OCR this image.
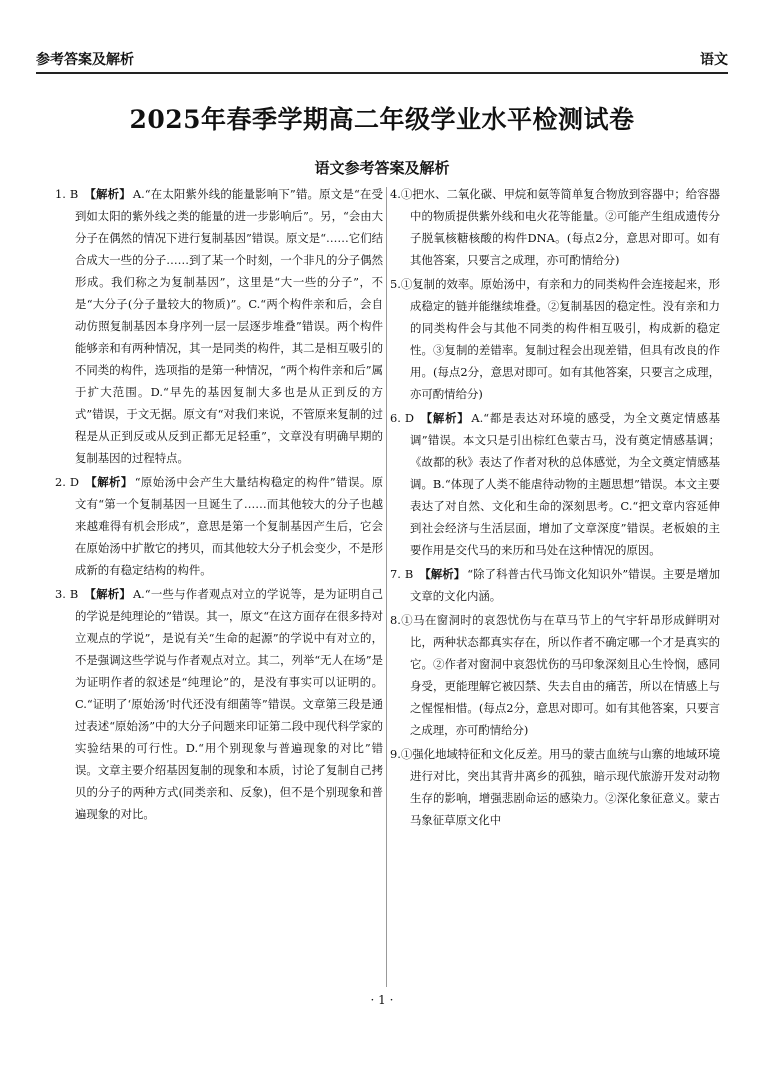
参考答案及解析	语文
2025年春季学期高二年级学业水平检测试卷
语文参考答案及解析

1. B 【解析】 A.“在太阳紫外线的能量影响下”错。原文是“在受到如太阳的紫外线之类的能量的进一步影响后”。另，“会由大分子在偶然的情况下进行复制基因”错误。原文是“……它们结合成大一些的分子……到了某一个时刻，一个非凡的分子偶然形成。我们称之为复制基因”，这里是“大一些的分子”，不是“大分子(分子量较大的物质)”。C.“两个构件亲和后，会自动仿照复制基因本身序列一层一层逐步堆叠”错误。两个构件能够亲和有两种情况，其一是同类的构件，其二是相互吸引的不同类的构件，选项指的是第一种情况，“两个构件亲和后”属于扩大范围。D.“早先的基因复制大多也是从正到反的方式”错误，于文无据。原文有“对我们来说，不管原来复制的过程是从正到反或从反到正都无足轻重”，文章没有明确早期的复制基因的过程特点。

2. D 【解析】 “原始汤中会产生大量结构稳定的构件”错误。原文有“第一个复制基因一旦诞生了……而其他较大的分子也越来越难得有机会形成”，意思是第一个复制基因产生后，它会在原始汤中扩散它的拷贝，而其他较大分子机会变少，不是形成新的有稳定结构的构件。

3. B 【解析】 A.“一些与作者观点对立的学说等，是为证明自己的学说是纯理论的”错误。其一，原文“在这方面存在很多持对立观点的学说”，是说有关“生命的起源”的学说中有对立的，不是强调这些学说与作者观点对立。其二，列举“无人在场”是为证明作者的叙述是“纯理论”的，是没有事实可以证明的。C.“证明了‘原始汤’时代还没有细菌等”错误。文章第三段是通过表述“原始汤”中的大分子问题来印证第二段中现代科学家的实验结果的可行性。D.“用个别现象与普遍现象的对比”错误。文章主要介绍基因复制的现象和本质，讨论了复制自己拷贝的分子的两种方式(同类亲和、反象)，但不是个别现象和普遍现象的对比。

4.①把水、二氧化碳、甲烷和氨等简单复合物放到容器中；给容器中的物质提供紫外线和电火花等能量。②可能产生组成遗传分子脱氧核糖核酸的构件DNA。(每点2分，意思对即可。如有其他答案，只要言之成理，亦可酌情给分)

5.①复制的效率。原始汤中，有亲和力的同类构件会连接起来，形成稳定的链并能继续堆叠。②复制基因的稳定性。没有亲和力的同类构件会与其他不同类的构件相互吸引，构成新的稳定性。③复制的差错率。复制过程会出现差错，但具有改良的作用。(每点2分，意思对即可。如有其他答案，只要言之成理，亦可酌情给分)

6. D 【解析】 A.“都是表达对环境的感受，为全文奠定情感基调”错误。本文只是引出棕红色蒙古马，没有奠定情感基调；《故都的秋》表达了作者对秋的总体感觉，为全文奠定情感基调。B.“体现了人类不能虐待动物的主题思想”错误。本文主要表达了对自然、文化和生命的深刻思考。C.“把文章内容延伸到社会经济与生活层面，增加了文章深度”错误。老板娘的主要作用是交代马的来历和马处在这种情况的原因。

7. B 【解析】 “除了科普古代马饰文化知识外”错误。主要是增加文章的文化内涵。

8.①马在窗洞时的哀怨忧伤与在草马节上的气宇轩昂形成鲜明对比，两种状态都真实存在，所以作者不确定哪一个才是真实的它。②作者对窗洞中哀怨忧伤的马印象深刻且心生怜悯，感同身受，更能理解它被囚禁、失去自由的痛苦，所以在情感上与之惺惺相惜。(每点2分，意思对即可。如有其他答案，只要言之成理，亦可酌情给分)

9.①强化地域特征和文化反差。用马的蒙古血统与山寨的地域环境进行对比，突出其背井离乡的孤独，暗示现代旅游开发对动物生存的影响，增强悲剧命运的感染力。②深化象征意义。蒙古马象征草原文化中

· 1 ·
